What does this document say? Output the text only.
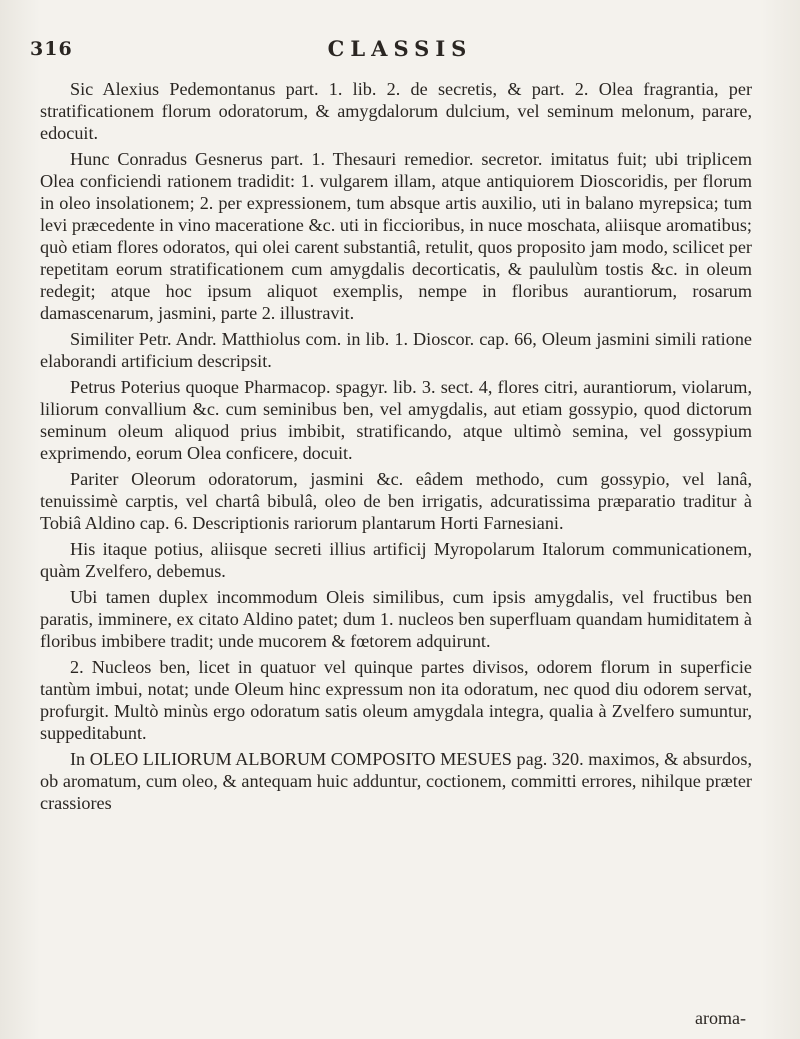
316	CLASSIS

Sic Alexius Pedemontanus part. 1. lib. 2. de secretis, & part. 2. Olea fragrantia, per stratificationem florum odoratorum, & amygdalorum dulcium, vel seminum melonum, parare, edocuit.

Hunc Conradus Gesnerus part. 1. Thesauri remedior. secretor. imitatus fuit; ubi triplicem Olea conficiendi rationem tradidit: 1. vulgarem illam, atque antiquiorem Dioscoridis, per florum in oleo insolationem; 2. per expressionem, tum absque artis auxilio, uti in balano myrepsica; tum levi præcedente in vino maceratione &c. uti in ficcioribus, in nuce moschata, aliisque aromatibus; quò etiam flores odoratos, qui olei carent substantiâ, retulit, quos proposito jam modo, scilicet per repetitam eorum stratificationem cum amygdalis decorticatis, & paululùm tostis &c. in oleum redegit; atque hoc ipsum aliquot exemplis, nempe in floribus aurantiorum, rosarum damascenarum, jasmini, parte 2. illustravit.

Similiter Petr. Andr. Matthiolus com. in lib. 1. Dioscor. cap. 66, Oleum jasmini simili ratione elaborandi artificium descripsit.

Petrus Poterius quoque Pharmacop. spagyr. lib. 3. sect. 4, flores citri, aurantiorum, violarum, liliorum convallium &c. cum seminibus ben, vel amygdalis, aut etiam gossypio, quod dictorum seminum oleum aliquod prius imbibit, stratificando, atque ultimò semina, vel gossypium exprimendo, eorum Olea conficere, docuit.

Pariter Oleorum odoratorum, jasmini &c. eâdem methodo, cum gossypio, vel lanâ, tenuissimè carptis, vel chartâ bibulâ, oleo de ben irrigatis, adcuratissima præparatio traditur à Tobiâ Aldino cap. 6. Descriptionis rariorum plantarum Horti Farnesiani.

His itaque potius, aliisque secreti illius artificij Myropolarum Italorum communicationem, quàm Zvelfero, debemus.

Ubi tamen duplex incommodum Oleis similibus, cum ipsis amygdalis, vel fructibus ben paratis, imminere, ex citato Aldino patet; dum 1. nucleos ben superfluam quandam humiditatem à floribus imbibere tradit; unde mucorem & fœtorem adquirunt.

2. Nucleos ben, licet in quatuor vel quinque partes divisos, odorem florum in superficie tantùm imbui, notat; unde Oleum hinc expressum non ita odoratum, nec quod diu odorem servat, profurgit. Multò minùs ergo odoratum satis oleum amygdala integra, qualia à Zvelfero sumuntur, suppeditabunt.

In OLEO LILIORUM ALBORUM COMPOSITO MESUES pag. 320. maximos, & absurdos, ob aromatum, cum oleo, & antequam huic adduntur, coctionem, committi errores, nihilque præter crassiores

aroma-
